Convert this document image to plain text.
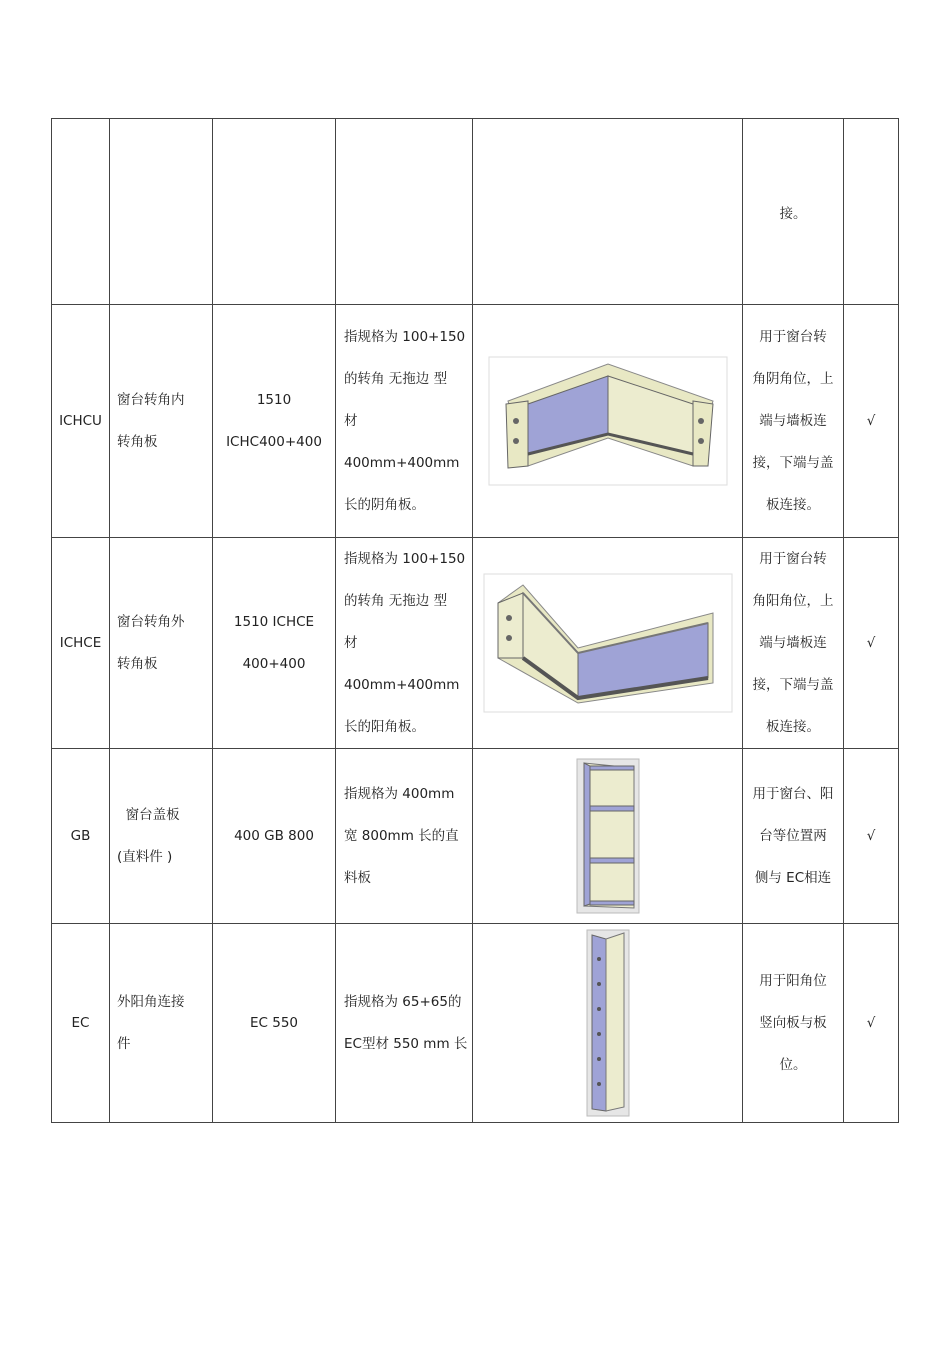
					接。	

ICHCU	窗台转角内
转角板	1510
ICHC400+400	指规格为 100+150
的转角 无拖边 型
材 400mm+400mm
长的阴角板。		用于窗台转
角阴角位，上
端与墙板连
接，下端与盖
板连接。	√
ICHCE	窗台转角外
转角板	1510 ICHCE
400+400	指规格为 100+150
的转角 无拖边 型
材 400mm+400mm
长的阳角板。		用于窗台转
角阳角位，上
端与墙板连
接，下端与盖
板连接。	√
GB	窗台盖板
(直料件 )	400 GB 800	指规格为 400mm
宽 800mm 长的直
料板		用于窗台、阳
台等位置两
侧与 EC相连	√
EC	外阳角连接
件	EC 550	指规格为 65+65的
EC型材 550 mm 长		用于阳角位
竖向板与板
位。	√
